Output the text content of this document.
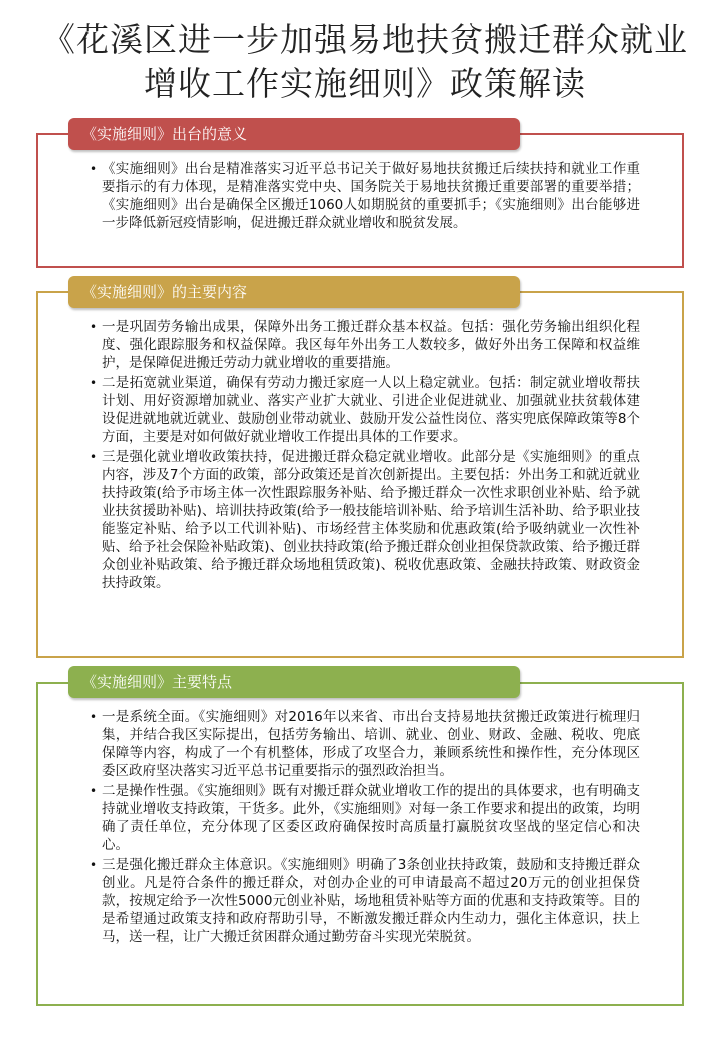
《花溪区进一步加强易地扶贫搬迁群众就业增收工作实施细则》政策解读
《实施细则》出台的意义
• 《实施细则》出台是精准落实习近平总书记关于做好易地扶贫搬迁后续扶持和就业工作重要指示的有力体现，是精准落实党中央、国务院关于易地扶贫搬迁重要部署的重要举措；《实施细则》出台是确保全区搬迁1060人如期脱贫的重要抓手；《实施细则》出台能够进一步降低新冠疫情影响，促进搬迁群众就业增收和脱贫发展。
《实施细则》的主要内容
• 一是巩固劳务输出成果，保障外出务工搬迁群众基本权益。包括：强化劳务输出组织化程度、强化跟踪服务和权益保障。我区每年外出务工人数较多，做好外出务工保障和权益维护，是保障促进搬迁劳动力就业增收的重要措施。
• 二是拓宽就业渠道，确保有劳动力搬迁家庭一人以上稳定就业。包括：制定就业增收帮扶计划、用好资源增加就业、落实产业扩大就业、引进企业促进就业、加强就业扶贫载体建设促进就地就近就业、鼓励创业带动就业、鼓励开发公益性岗位、落实兜底保障政策等8个方面，主要是对如何做好就业增收工作提出具体的工作要求。
• 三是强化就业增收政策扶持，促进搬迁群众稳定就业增收。此部分是《实施细则》的重点内容，涉及7个方面的政策，部分政策还是首次创新提出。主要包括：外出务工和就近就业扶持政策(给予市场主体一次性跟踪服务补贴、给予搬迁群众一次性求职创业补贴、给予就业扶贫援助补贴)、培训扶持政策(给予一般技能培训补贴、给予培训生活补助、给予职业技能鉴定补贴、给予以工代训补贴)、市场经营主体奖励和优惠政策(给予吸纳就业一次性补贴、给予社会保险补贴政策)、创业扶持政策(给予搬迁群众创业担保贷款政策、给予搬迁群众创业补贴政策、给予搬迁群众场地租赁政策)、税收优惠政策、金融扶持政策、财政资金扶持政策。
《实施细则》主要特点
• 一是系统全面。《实施细则》对2016年以来省、市出台支持易地扶贫搬迁政策进行梳理归集，并结合我区实际提出，包括劳务输出、培训、就业、创业、财政、金融、税收、兜底保障等内容，构成了一个有机整体，形成了攻坚合力，兼顾系统性和操作性，充分体现区委区政府坚决落实习近平总书记重要指示的强烈政治担当。
• 二是操作性强。《实施细则》既有对搬迁群众就业增收工作的提出的具体要求，也有明确支持就业增收支持政策，干货多。此外，《实施细则》对每一条工作要求和提出的政策，均明确了责任单位，充分体现了区委区政府确保按时高质量打赢脱贫攻坚战的坚定信心和决心。
• 三是强化搬迁群众主体意识。《实施细则》明确了3条创业扶持政策，鼓励和支持搬迁群众创业。凡是符合条件的搬迁群众，对创办企业的可申请最高不超过20万元的创业担保贷款，按规定给予一次性5000元创业补贴，场地租赁补贴等方面的优惠和支持政策等。目的是希望通过政策支持和政府帮助引导，不断激发搬迁群众内生动力，强化主体意识，扶上马，送一程，让广大搬迁贫困群众通过勤劳奋斗实现光荣脱贫。
